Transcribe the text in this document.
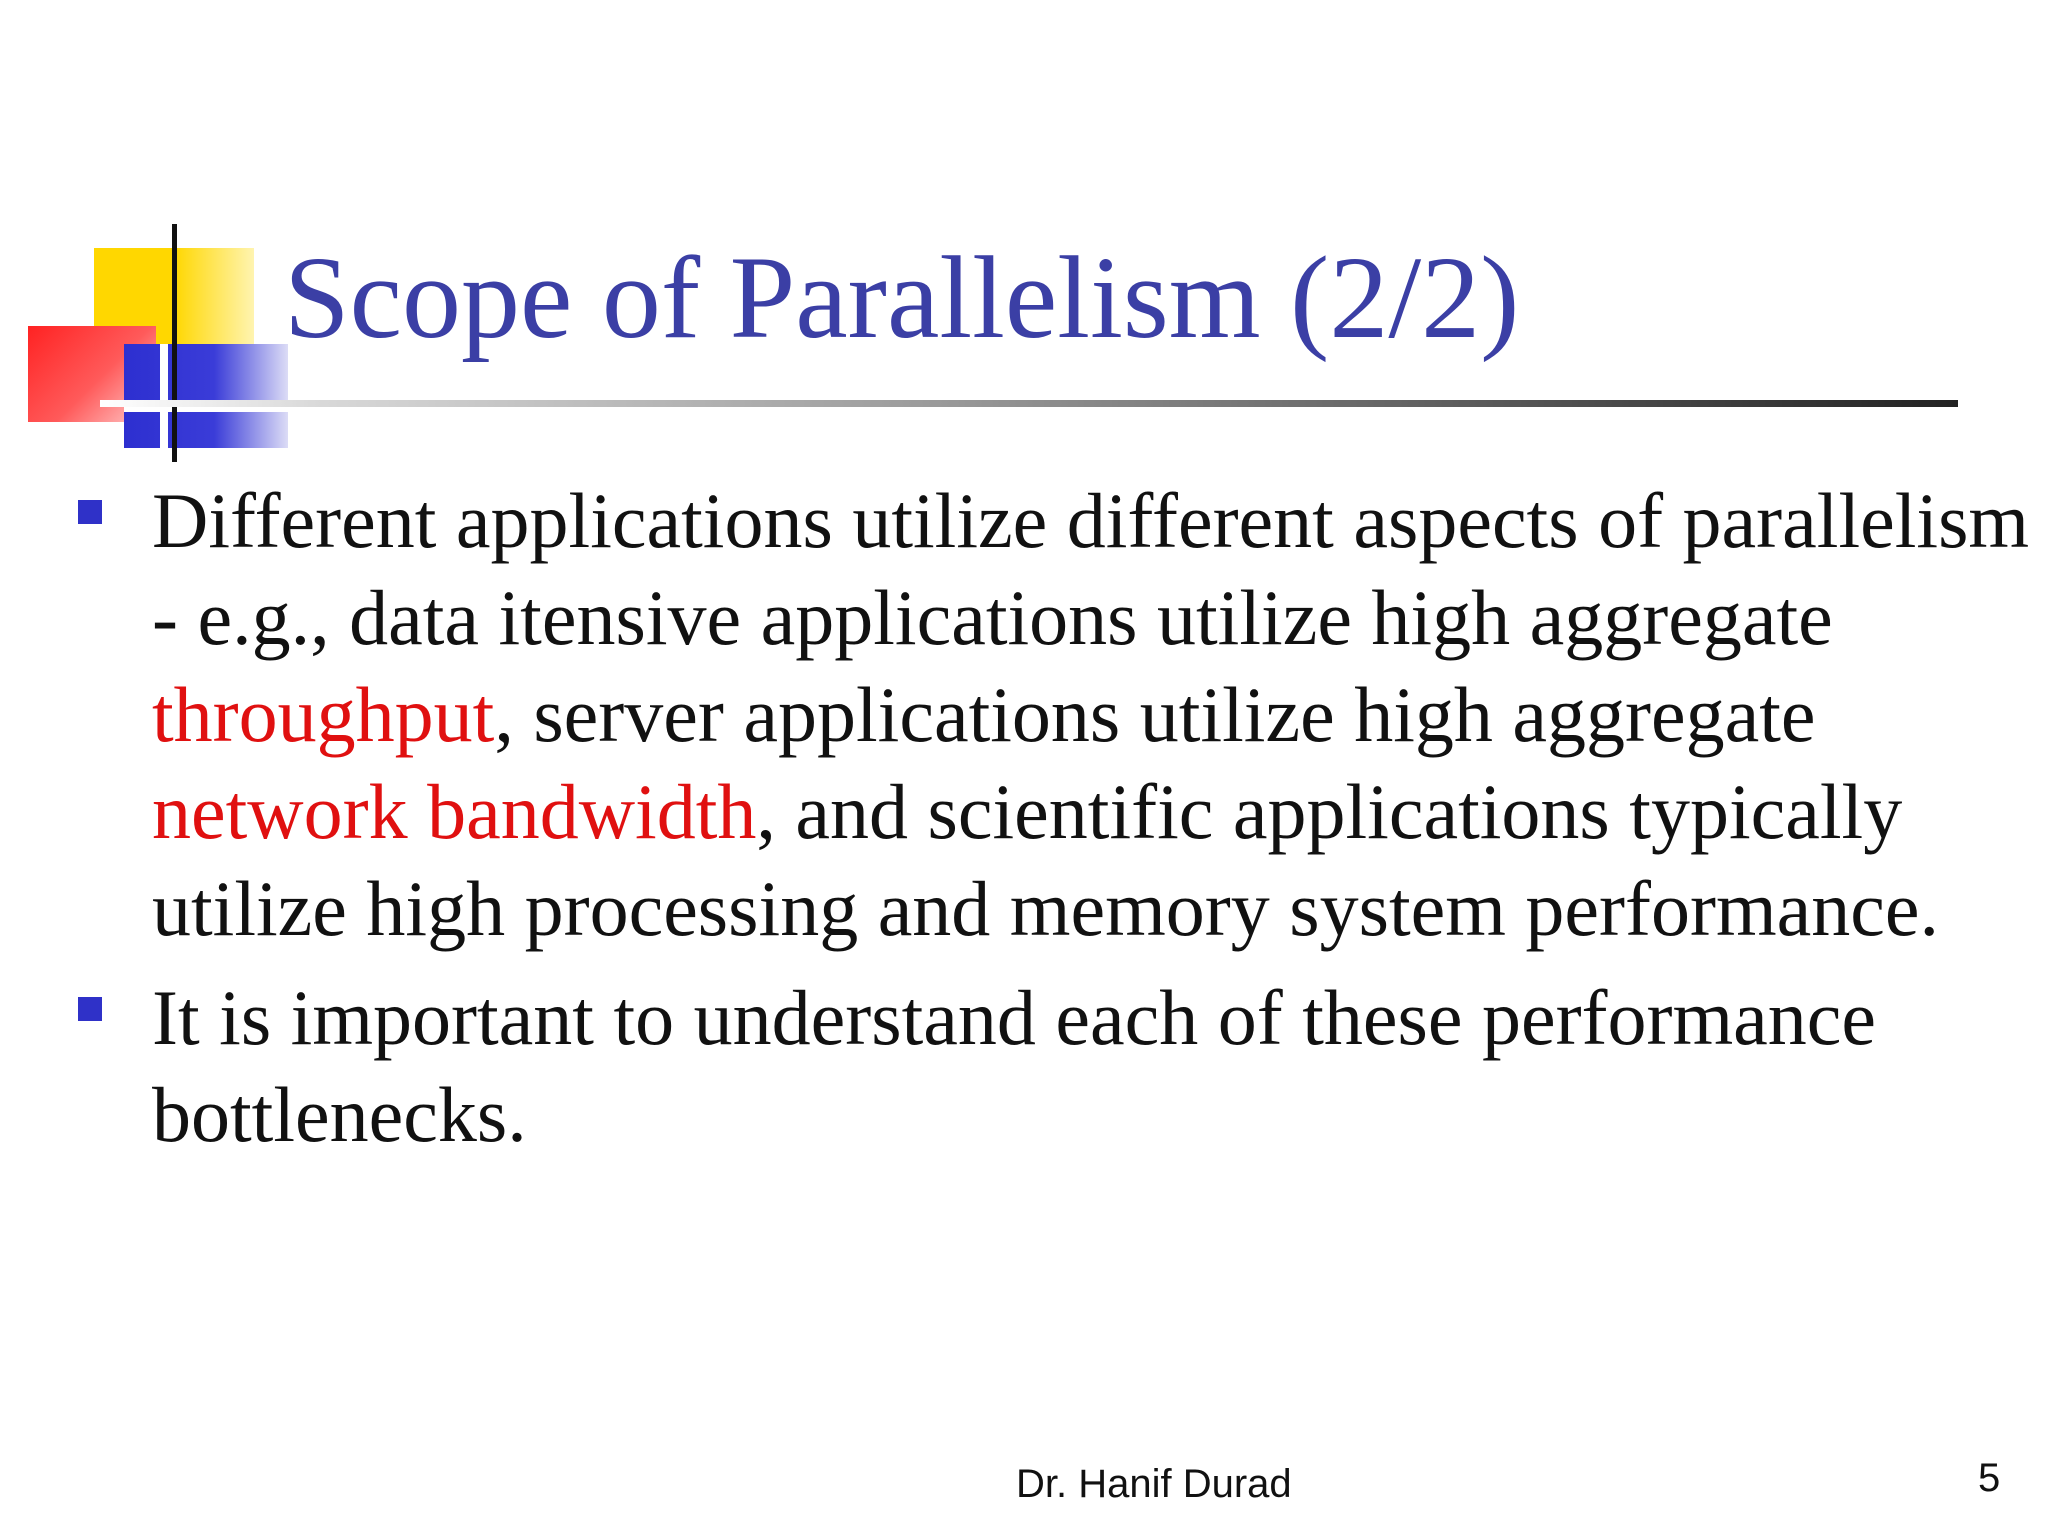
Scope of Parallelism (2/2)
Different applications utilize different aspects of parallelism - e.g., data itensive applications utilize high aggregate throughput, server applications utilize high aggregate network bandwidth, and scientific applications typically utilize high processing and memory system performance.
It is important to understand each of these performance bottlenecks.
Dr. Hanif Durad	5
